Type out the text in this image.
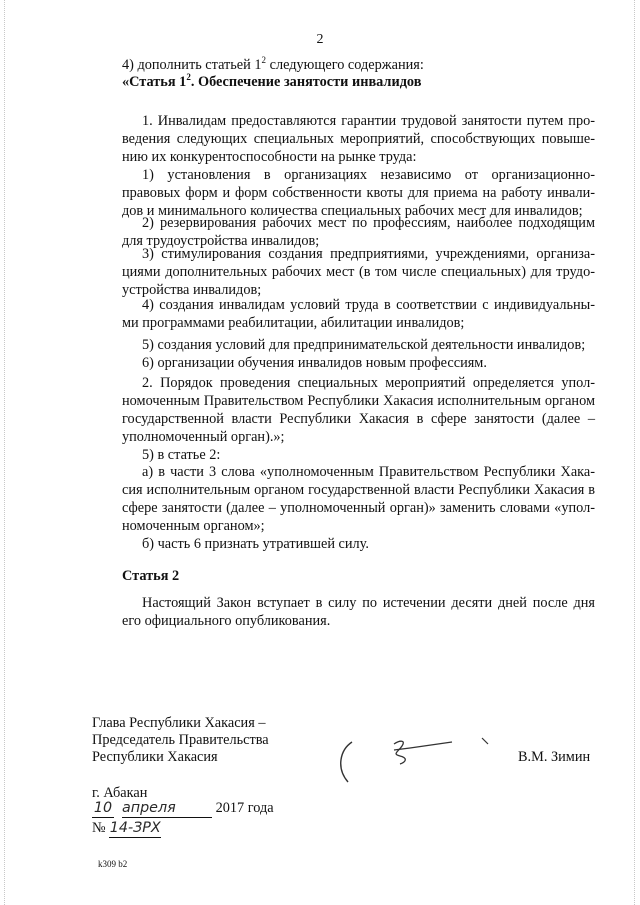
2
4) дополнить статьей $1^2$ следующего содержания:
«Статья $1^2$. Обеспечение занятости инвалидов
1. Инвалидам предоставляются гарантии трудовой занятости путем про-
ведения следующих специальных мероприятий, способствующих повыше-
нию их конкурентоспособности на рынке труда:
1) установления в организациях независимо от организационно-
правовых форм и форм собственности квоты для приема на работу инвали-
дов и минимального количества специальных рабочих мест для инвалидов;
2) резервирования рабочих мест по профессиям, наиболее подходящим
для трудоустройства инвалидов;
3) стимулирования создания предприятиями, учреждениями, организа-
циями дополнительных рабочих мест (в том числе специальных) для трудо-
устройства инвалидов;
4) создания инвалидам условий труда в соответствии с индивидуальны-
ми программами реабилитации, абилитации инвалидов;
5) создания условий для предпринимательской деятельности инвалидов;
6) организации обучения инвалидов новым профессиям.
2. Порядок проведения специальных мероприятий определяется упол-
номоченным Правительством Республики Хакасия исполнительным органом
государственной власти Республики Хакасия в сфере занятости (далее –
уполномоченный орган).»;
5) в статье 2:
а) в части 3 слова «уполномоченным Правительством Республики Хака-
сия исполнительным органом государственной власти Республики Хакасия в
сфере занятости (далее – уполномоченный орган)» заменить словами «упол-
номоченным органом»;
б) часть 6 признать утратившей силу.
Статья 2
Настоящий Закон вступает в силу по истечении десяти дней после дня
его официального опубликования.
Глава Республики Хакасия –
Председатель Правительства
Республики Хакасия	В.М. Зимин
г. Абакан
10 апреля	2017 года
№ 14-ЗРХ
k309 b2
